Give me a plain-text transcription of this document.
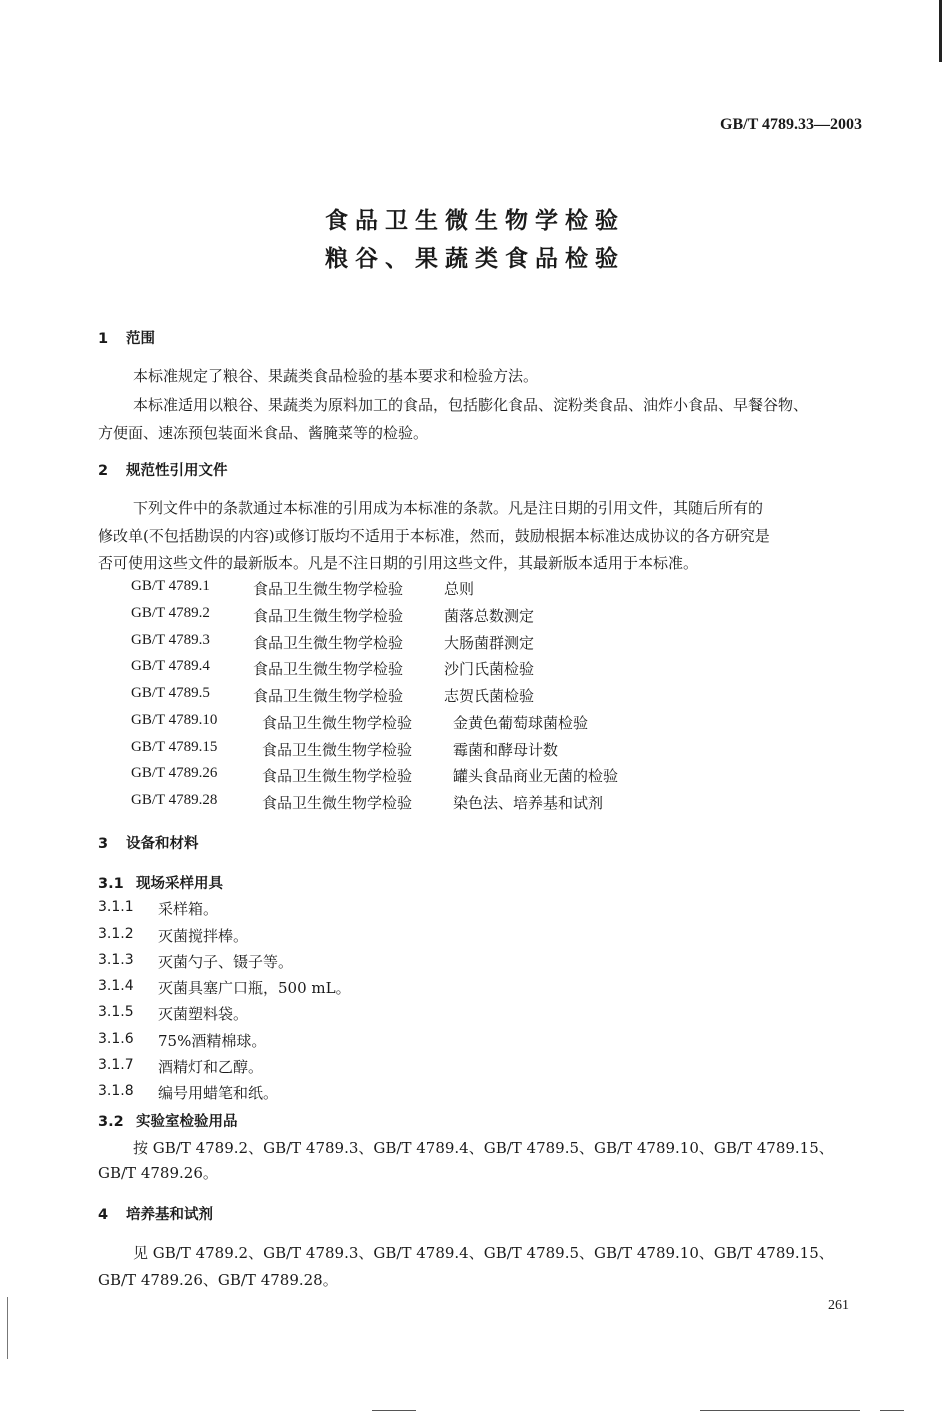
GB/T 4789.33—2003
食品卫生微生物学检验
粮谷、果蔬类食品检验
1 范围
本标准规定了粮谷、果蔬类食品检验的基本要求和检验方法。
本标准适用以粮谷、果蔬类为原料加工的食品，包括膨化食品、淀粉类食品、油炸小食品、早餐谷物、
方便面、速冻预包装面米食品、酱腌菜等的检验。
2 规范性引用文件
下列文件中的条款通过本标准的引用成为本标准的条款。凡是注日期的引用文件，其随后所有的
修改单(不包括勘误的内容)或修订版均不适用于本标准，然而，鼓励根据本标准达成协议的各方研究是
否可使用这些文件的最新版本。凡是不注日期的引用这些文件，其最新版本适用于本标准。
GB/T 4789.1	食品卫生微生物学检验	总则
GB/T 4789.2	食品卫生微生物学检验	菌落总数测定
GB/T 4789.3	食品卫生微生物学检验	大肠菌群测定
GB/T 4789.4	食品卫生微生物学检验	沙门氏菌检验
GB/T 4789.5	食品卫生微生物学检验	志贺氏菌检验
GB/T 4789.10	食品卫生微生物学检验	金黄色葡萄球菌检验
GB/T 4789.15	食品卫生微生物学检验	霉菌和酵母计数
GB/T 4789.26	食品卫生微生物学检验	罐头食品商业无菌的检验
GB/T 4789.28	食品卫生微生物学检验	染色法、培养基和试剂
3 设备和材料
3.1 现场采样用具
3.1.1 采样箱。
3.1.2 灭菌搅拌棒。
3.1.3 灭菌勺子、镊子等。
3.1.4 灭菌具塞广口瓶，500 mL。
3.1.5 灭菌塑料袋。
3.1.6 75%酒精棉球。
3.1.7 酒精灯和乙醇。
3.1.8 编号用蜡笔和纸。
3.2 实验室检验用品
按 GB/T 4789.2、GB/T 4789.3、GB/T 4789.4、GB/T 4789.5、GB/T 4789.10、GB/T 4789.15、
GB/T 4789.26。
4 培养基和试剂
见 GB/T 4789.2、GB/T 4789.3、GB/T 4789.4、GB/T 4789.5、GB/T 4789.10、GB/T 4789.15、
GB/T 4789.26、GB/T 4789.28。
261
